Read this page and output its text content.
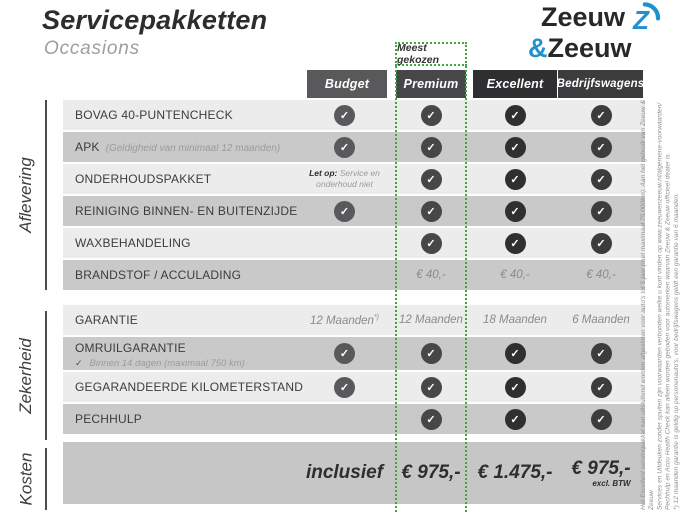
Servicepakketten
Occasions
Zeeuw Z
&Zeeuw
Aflevering
Zekerheid
Kosten
Budget	Premium	Excellent	Bedrijfswagens
BOVAG 40-PUNTENCHECK	✓	✓	✓	✓
APK (Geldigheid van minimaal 12 maanden)	✓	✓	✓	✓
ONDERHOUDSPAKKET	Let op: Service en onderhoud niet	✓	✓	✓
REINIGING BINNEN- EN BUITENZIJDE	✓	✓	✓	✓
WAXBEHANDELING	✓	✓	✓
BRANDSTOF / ACCULADING	€ 40,-	€ 40,-	€ 40,-
GARANTIE	12 Maanden*) 12 Maanden 18 Maanden 6 Maanden
OMRUILGARANTIE
✓ Binnen 14 dagen (maximaal 750 km)
✓	✓	✓	✓
GEGARANDEERDE KILOMETERSTAND	✓	✓	✓	✓
PECHHULP	✓	✓	✓
inclusief € 975,- € 1.475,- € 975,-
excl. BTW
Meest gekozen
Het Excellent servicepakket kan uitsluitend worden afgesloten voor auto's tot 5 jaar (met maximaal 75.000km). Aan het gebruik van Zeeuw & Zeeuw Services en Uitdeuken zonder spuiten zijn voorwaarden verbonden welke u kunt vinden op www.zeeuwenzeeuw.nl/algemene-voorwaarden/ Pechhulp en Accu Health Check kan alleen worden geboden voor automerken waarvan Zeeuw & Zeeuw officieel dealer is. *) 12 maanden garantie is geldig op personenauto's, voor bedrijfswagens geldt een garantie van 6 maanden.
